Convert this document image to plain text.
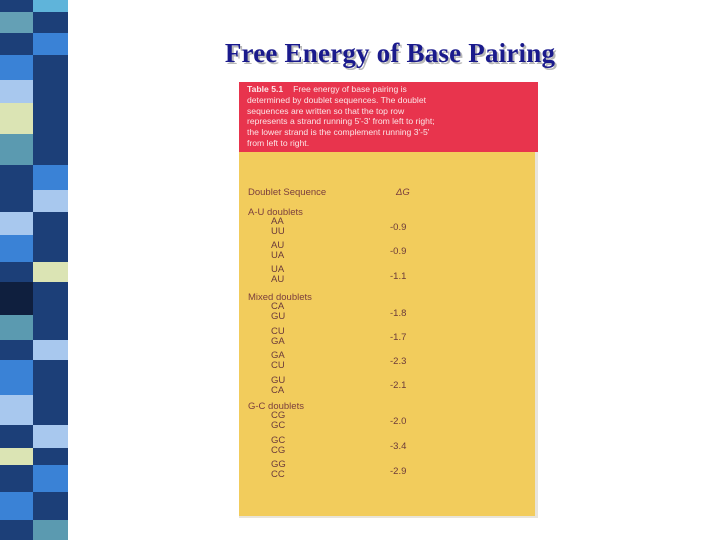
Free Energy of Base Pairing
Table 5.1 Free energy of base pairing is
determined by doublet sequences. The doublet
sequences are written so that the top row
represents a strand running 5'-3' from left to right;
the lower strand is the complement running 3'-5'
from left to right.
Doublet Sequence	ΔG
A-U doublets
AA
UU	-0.9
AU
UA	-0.9
UA
AU	-1.1
Mixed doublets
CA
GU	-1.8
CU
GA	-1.7
GA
CU	-2.3
GU
CA	-2.1
G-C doublets
CG
GC	-2.0
GC
CG	-3.4
GG
CC	-2.9
